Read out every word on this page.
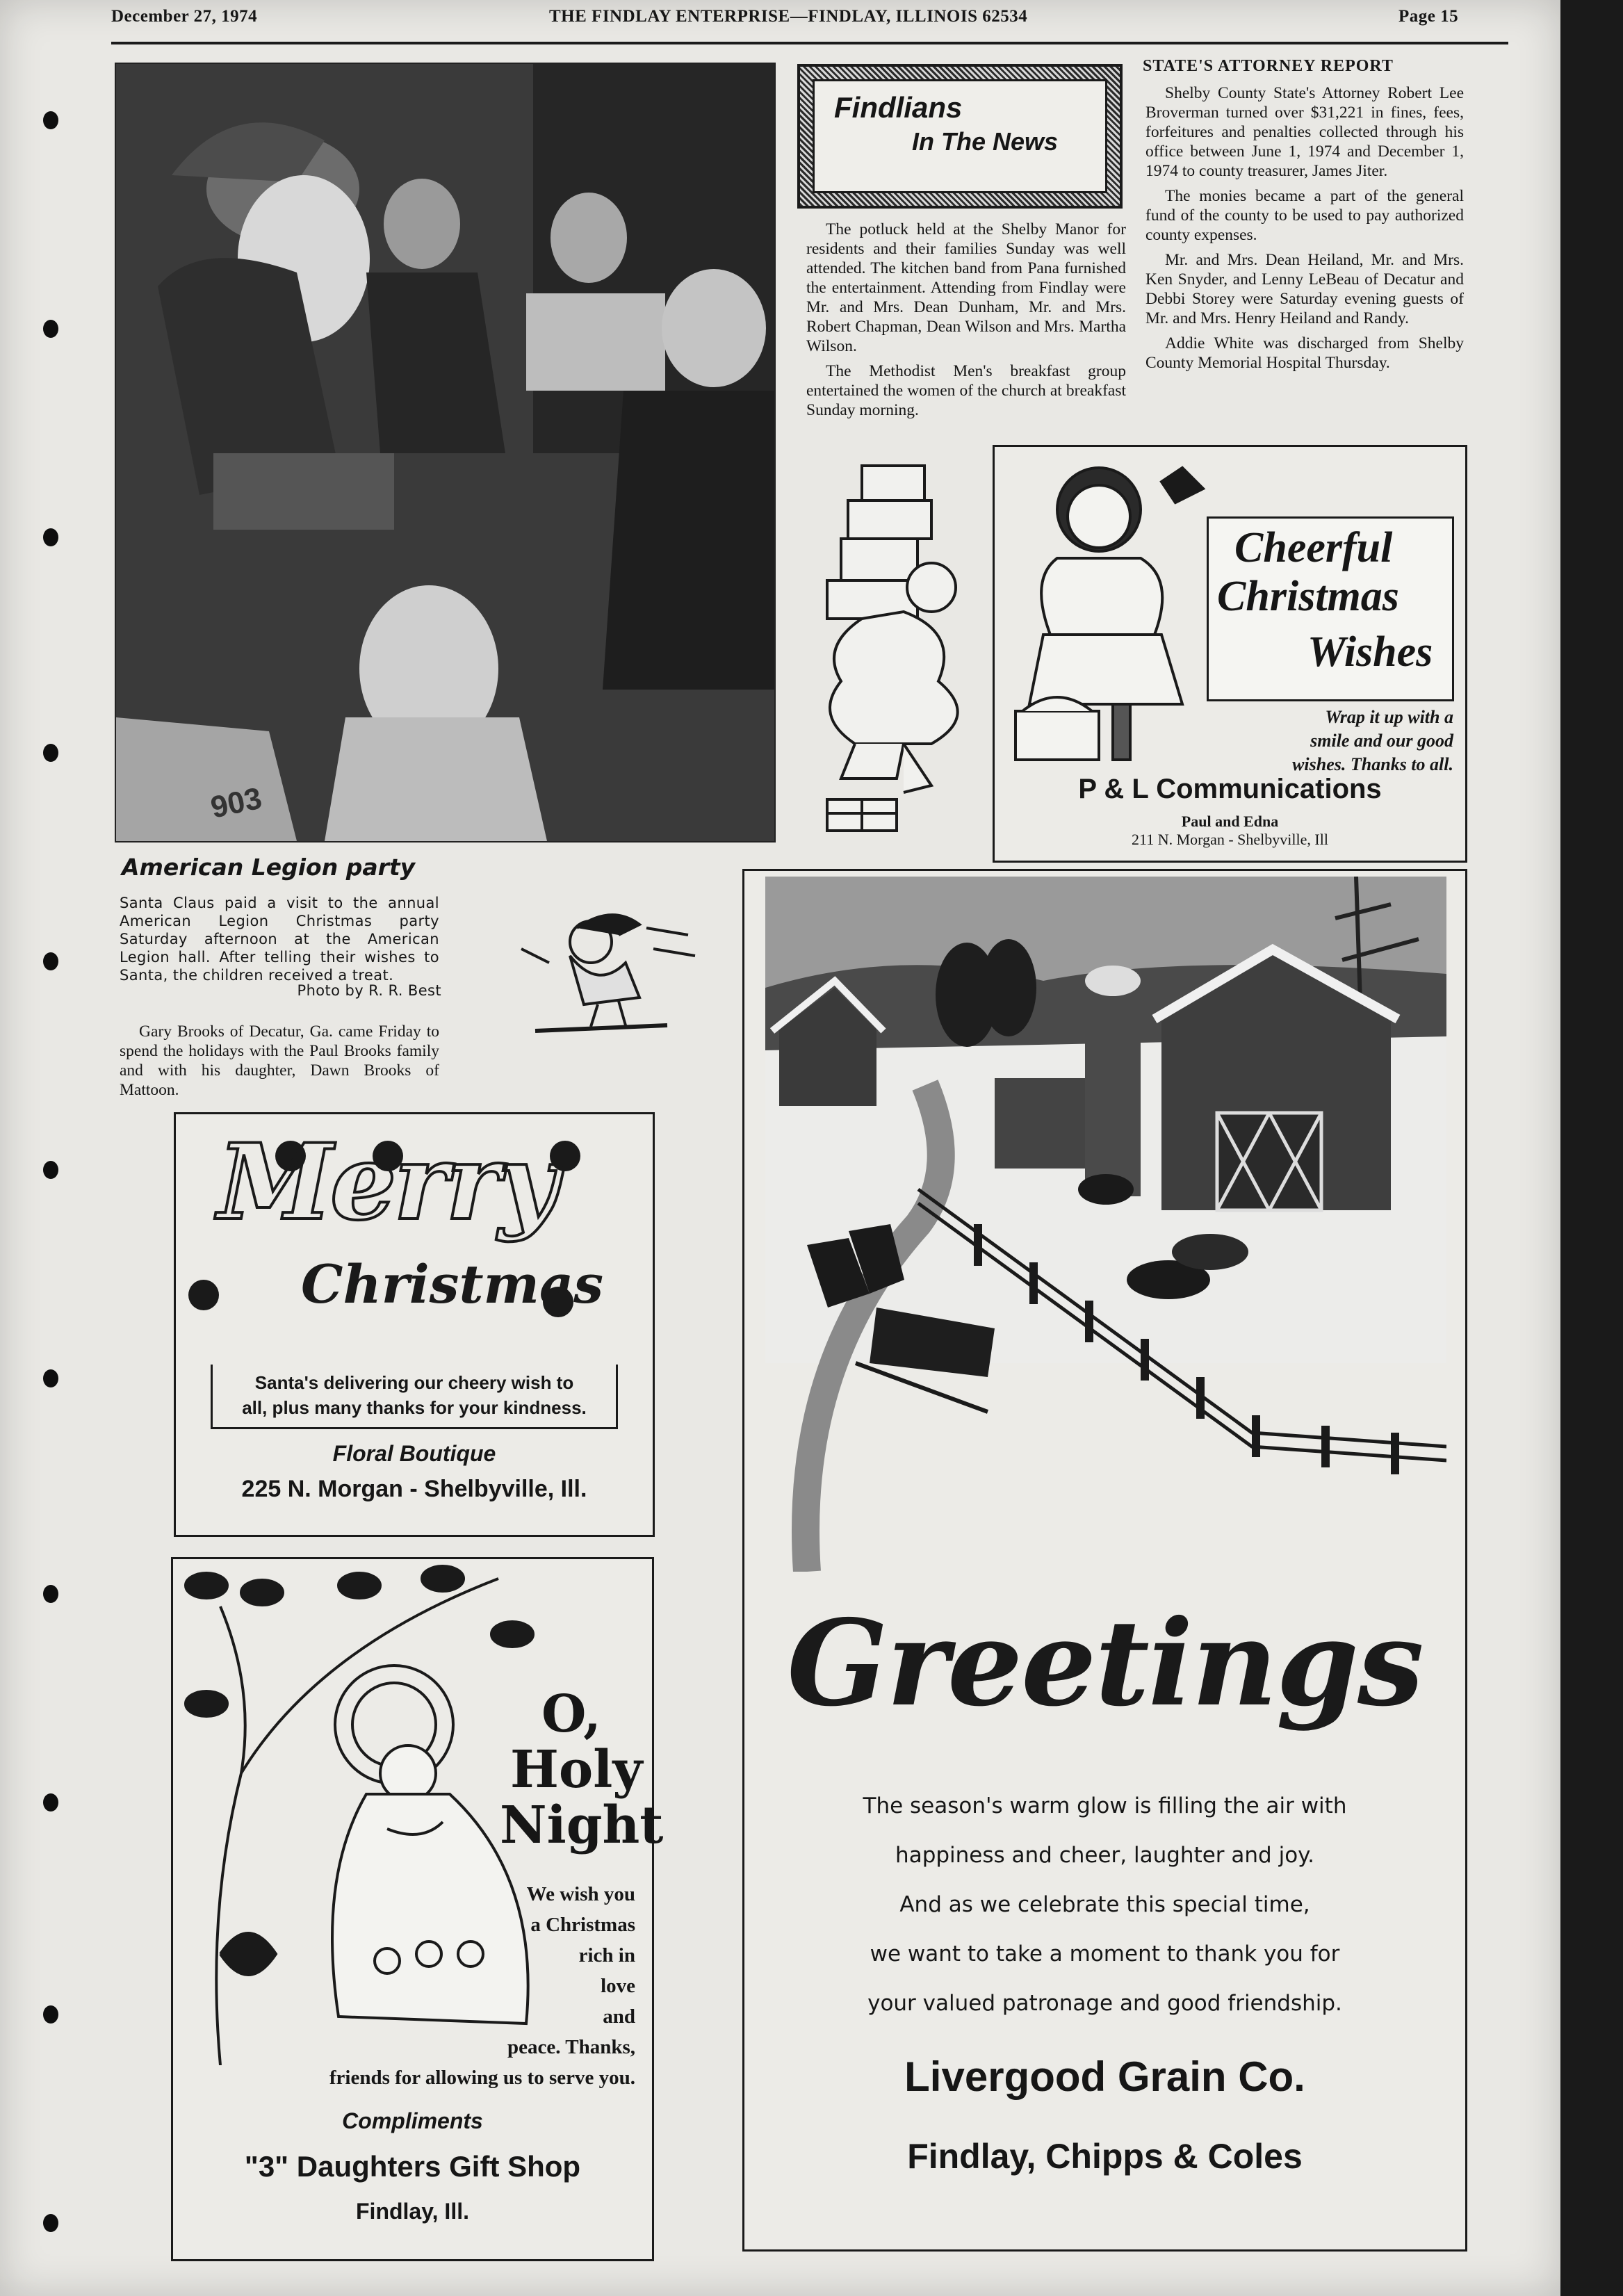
December 27, 1974	THE FINDLAY ENTERPRISE—FINDLAY, ILLINOIS 62534	Page 15
903
American Legion party
Santa Claus paid a visit to the annual American Legion Christmas party Saturday afternoon at the American Legion hall. After telling their wishes to Santa, the children received a treat.
Photo by R. R. Best
Gary Brooks of Decatur, Ga. came Friday to spend the holidays with the Paul Brooks family and with his daughter, Dawn Brooks of Mattoon.
Findlians
In The News

The potluck held at the Shelby Manor for residents and their families Sunday was well attended. The kitchen band from Pana furnished the entertainment. Attending from Findlay were Mr. and Mrs. Dean Dunham, Mr. and Mrs. Robert Chapman, Dean Wilson and Mrs. Martha Wilson.

The Methodist Men's breakfast group entertained the women of the church at breakfast Sunday morning.

STATE'S ATTORNEY REPORT

Shelby County State's Attorney Robert Lee Broverman turned over $31,221 in fines, fees, forfeitures and penalties collected through his office between June 1, 1974 and December 1, 1974 to county treasurer, James Jiter.

The monies became a part of the general fund of the county to be used to pay authorized county expenses.

Mr. and Mrs. Dean Heiland, Mr. and Mrs. Ken Snyder, and Lenny LeBeau of Decatur and Debbi Storey were Saturday evening guests of Mr. and Mrs. Henry Heiland and Randy.

Addie White was discharged from Shelby County Memorial Hospital Thursday.

Cheerful
Christmas
Wishes
Wrap it up with a
smile and our good
wishes. Thanks to all.
P & L Communications
Paul and Edna
211 N. Morgan - Shelbyville, Ill
Merry
Christmas
Santa's delivering our cheery wish to
all, plus many thanks for your kindness.
Floral Boutique
225 N. Morgan - Shelbyville, Ill.
O,
Holy
Night
We wish you
a Christmas
rich in
love
and
peace. Thanks,
friends for allowing us to serve you.
Compliments
"3" Daughters Gift Shop
Findlay, Ill.
Greetings
The season's warm glow is filling the air with
happiness and cheer, laughter and joy.
And as we celebrate this special time,
we want to take a moment to thank you for
your valued patronage and good friendship.
Livergood Grain Co.
Findlay, Chipps & Coles
